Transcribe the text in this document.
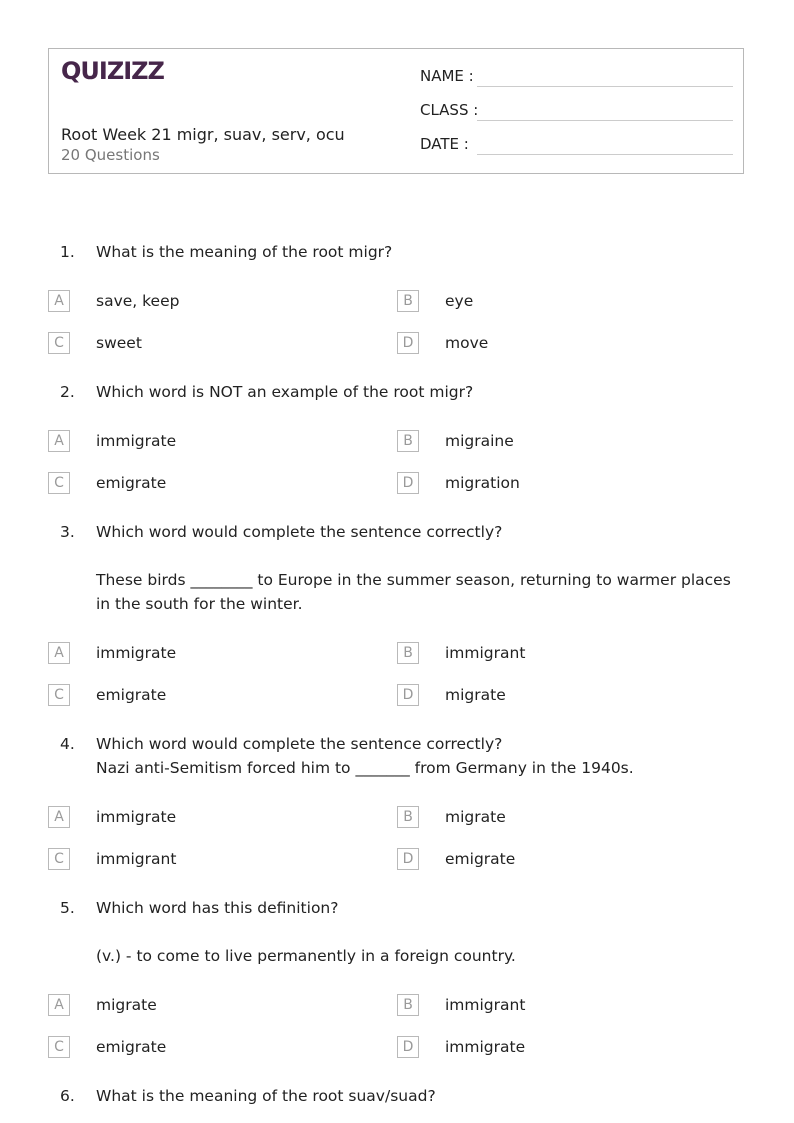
QUIZIZZ
Root Week 21 migr, suav, serv, ocu
20 Questions
NAME :
CLASS :
DATE :
1. What is the meaning of the root migr?
A	save, keep	B	eye
C	sweet	D	move
2. Which word is NOT an example of the root migr?
A	immigrate	B	migraine
C	emigrate	D	migration
3. Which word would complete the sentence correctly?
These birds ________ to Europe in the summer season, returning to warmer places in the south for the winter.
A	immigrate	B	immigrant
C	emigrate	D	migrate
4. Which word would complete the sentence correctly?
Nazi anti-Semitism forced him to _______ from Germany in the 1940s.
A	immigrate	B	migrate
C	immigrant	D	emigrate
5. Which word has this definition?
(v.) - to come to live permanently in a foreign country.
A	migrate	B	immigrant
C	emigrate	D	immigrate
6. What is the meaning of the root suav/suad?
